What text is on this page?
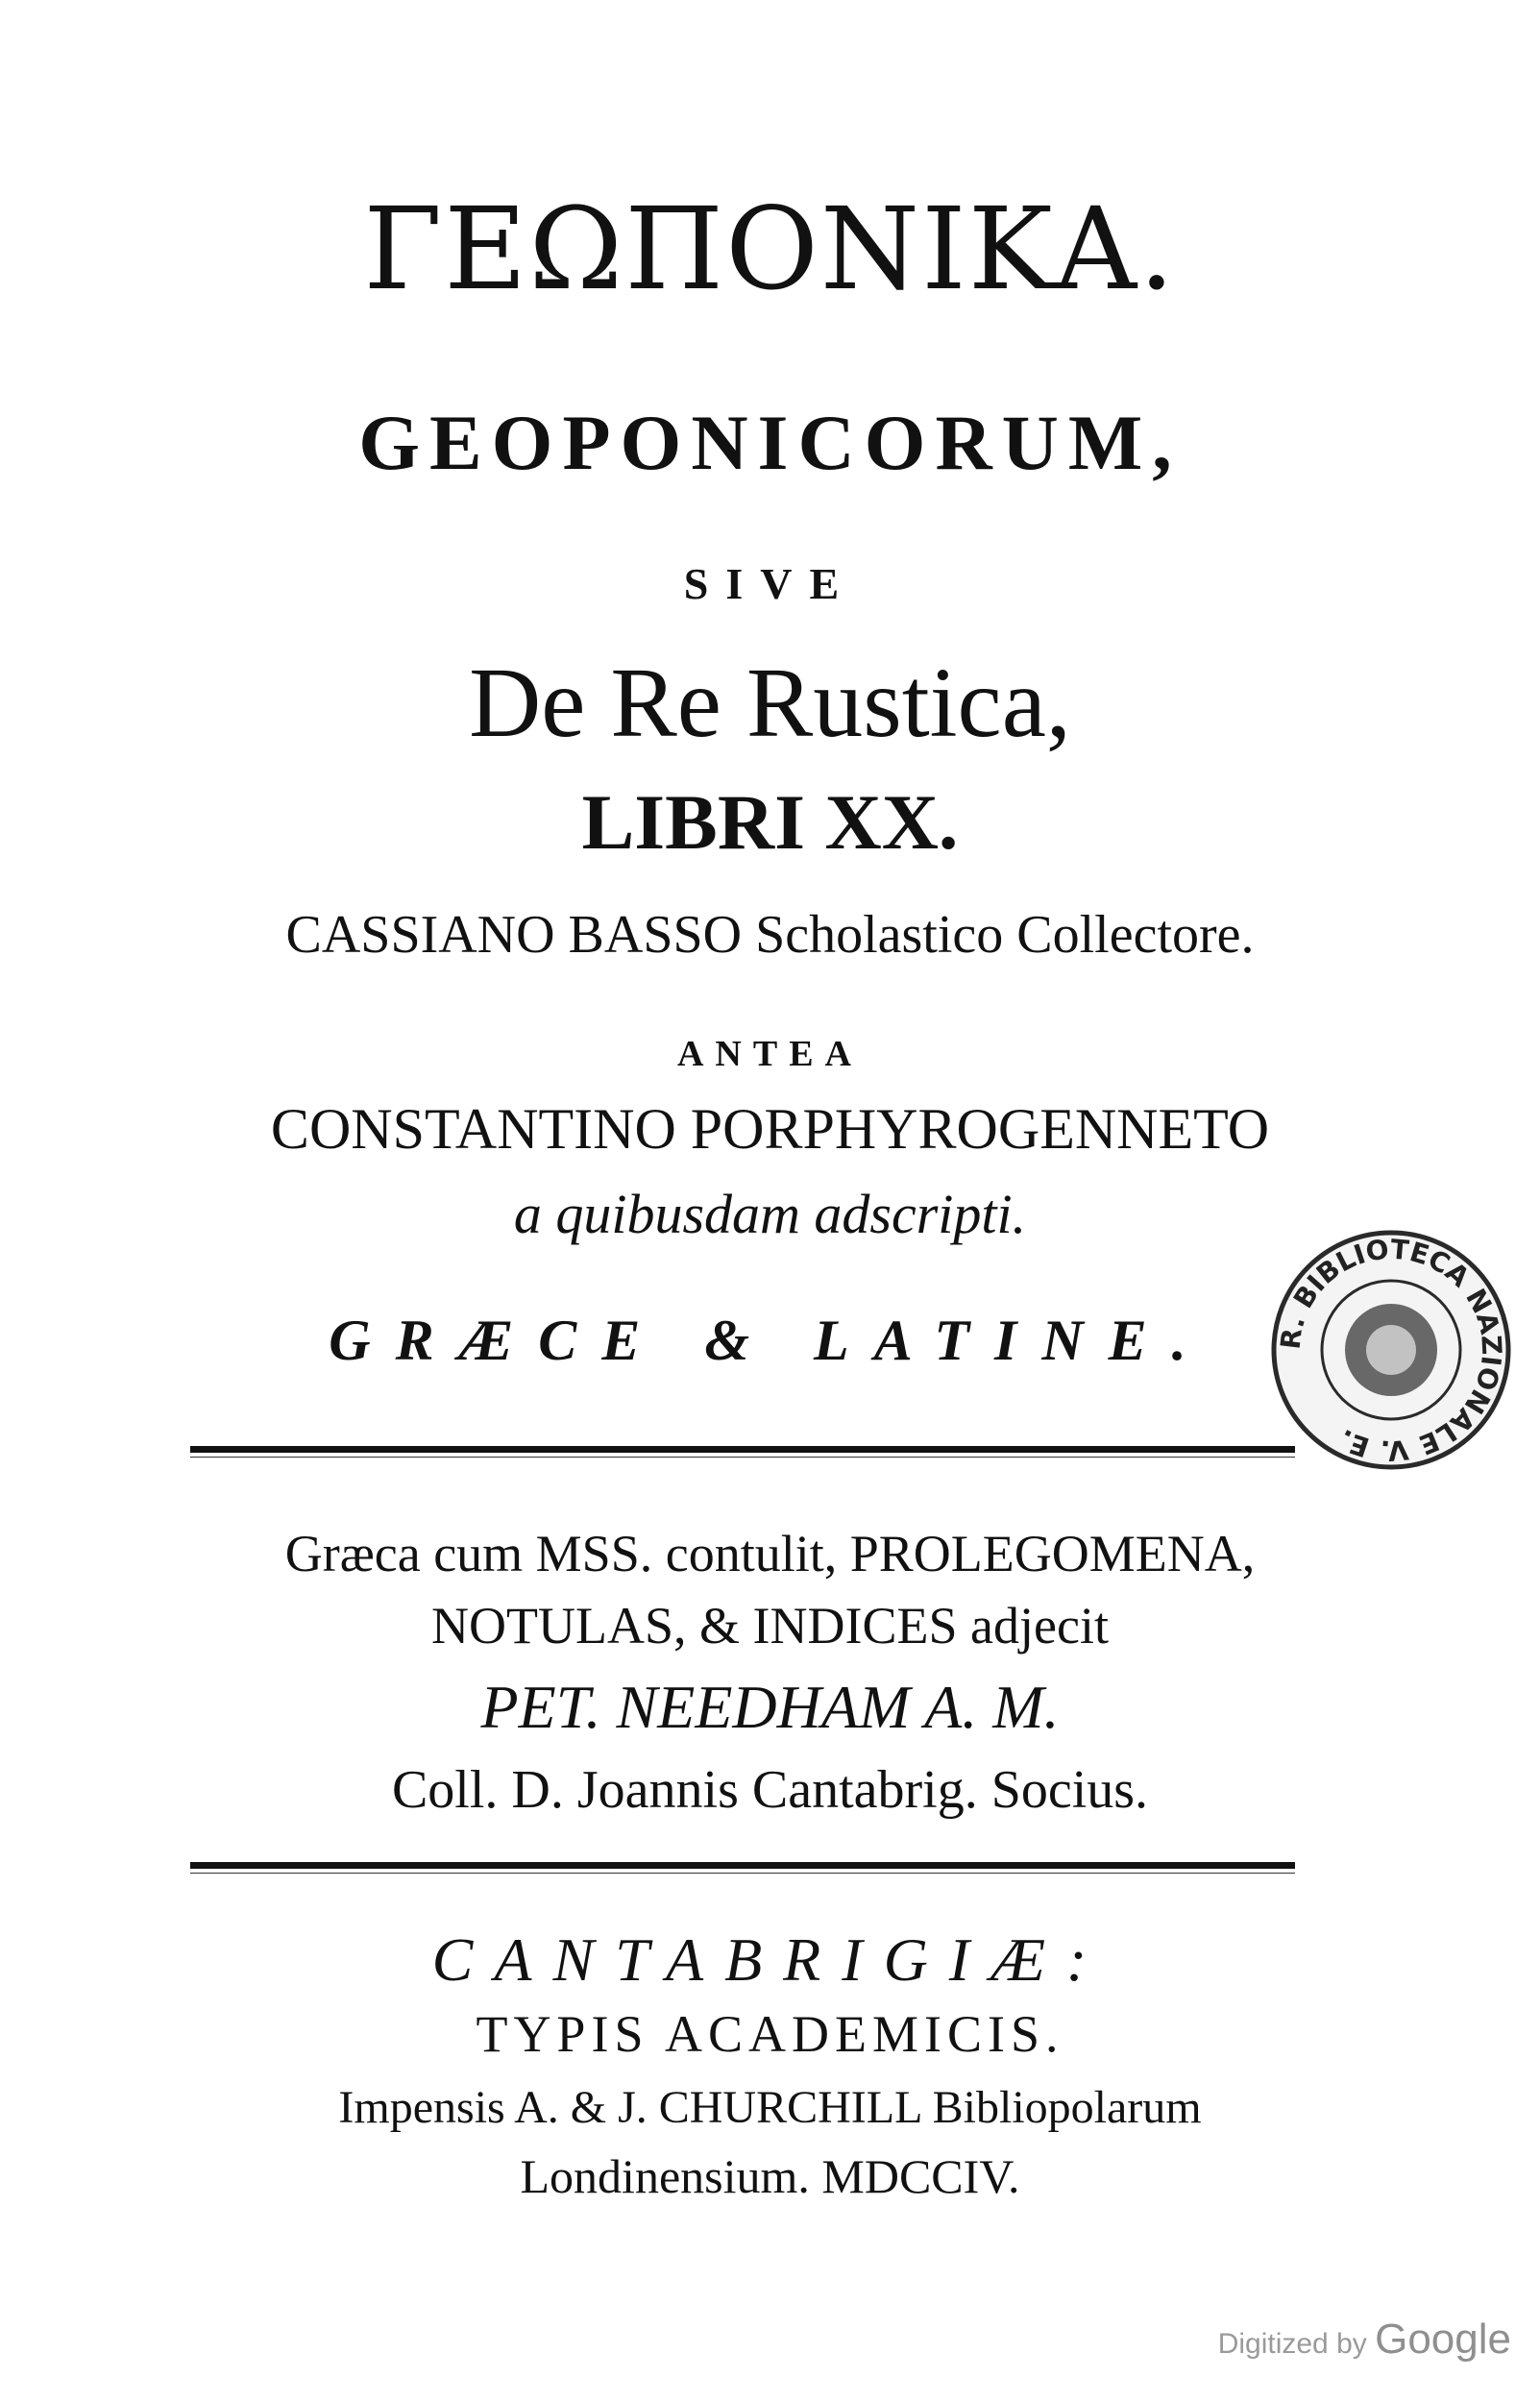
ΓΕΩΠΟΝΙΚΑ.
GEOPONICORUM,
SIVE
De Re Rustica,
LIBRI XX.
CASSIANO BASSO Scholastico Collectore.
ANTEA
CONSTANTINO PORPHYROGENNETO
a quibusdam adscripti.
GRÆCE & LATINE.
Græca cum MSS. contulit, PROLEGOMENA,
NOTULAS, & INDICES adjecit
PET. NEEDHAM A. M.
Coll. D. Joannis Cantabrig. Socius.
CANTABRIGIÆ:
TYPIS ACADEMICIS.
Impensis A. & J. CHURCHILL Bibliopolarum
Londinensium. MDCCIV.
R. BIBLIOTECA NAZIONALE V. E.
Digitized by Google
